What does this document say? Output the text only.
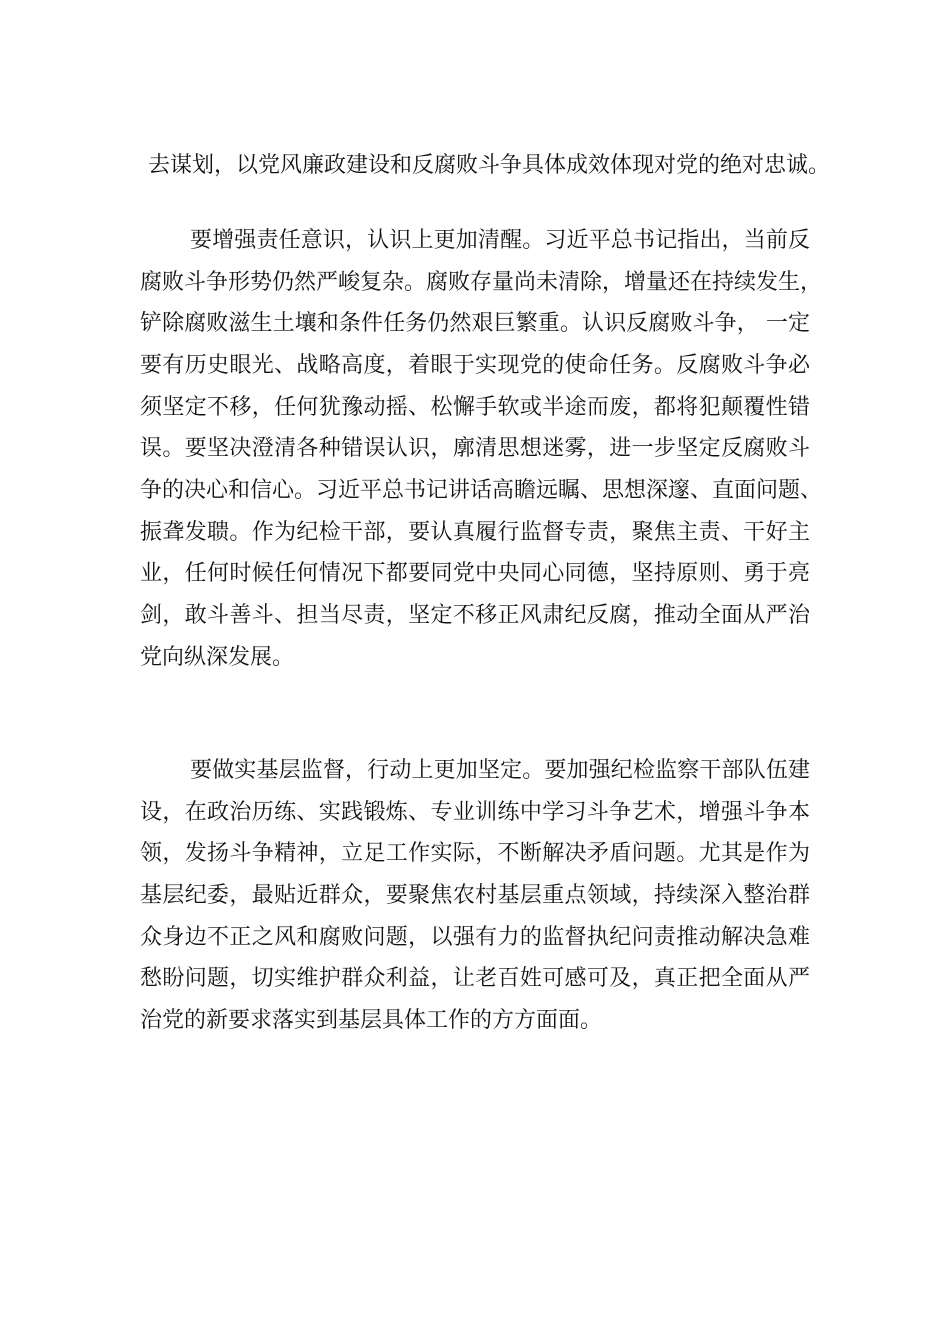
去谋划，以党风廉政建设和反腐败斗争具体成效体现对党的绝对忠诚。
要增强责任意识，认识上更加清醒。习近平总书记指出，当前反
腐败斗争形势仍然严峻复杂。腐败存量尚未清除，增量还在持续发生，
铲除腐败滋生土壤和条件任务仍然艰巨繁重。认识反腐败斗争， 一定
要有历史眼光、战略高度，着眼于实现党的使命任务。反腐败斗争必
须坚定不移，任何犹豫动摇、松懈手软或半途而废，都将犯颠覆性错
误。要坚决澄清各种错误认识，廓清思想迷雾，进一步坚定反腐败斗
争的决心和信心。习近平总书记讲话高瞻远瞩、思想深邃、直面问题、
振聋发聩。作为纪检干部，要认真履行监督专责，聚焦主责、干好主
业，任何时候任何情况下都要同党中央同心同德，坚持原则、勇于亮
剑，敢斗善斗、担当尽责，坚定不移正风肃纪反腐，推动全面从严治
党向纵深发展。
要做实基层监督，行动上更加坚定。要加强纪检监察干部队伍建
设，在政治历练、实践锻炼、专业训练中学习斗争艺术，增强斗争本
领，发扬斗争精神，立足工作实际，不断解决矛盾问题。尤其是作为
基层纪委，最贴近群众，要聚焦农村基层重点领域，持续深入整治群
众身边不正之风和腐败问题，以强有力的监督执纪问责推动解决急难
愁盼问题，切实维护群众利益，让老百姓可感可及，真正把全面从严
治党的新要求落实到基层具体工作的方方面面。
